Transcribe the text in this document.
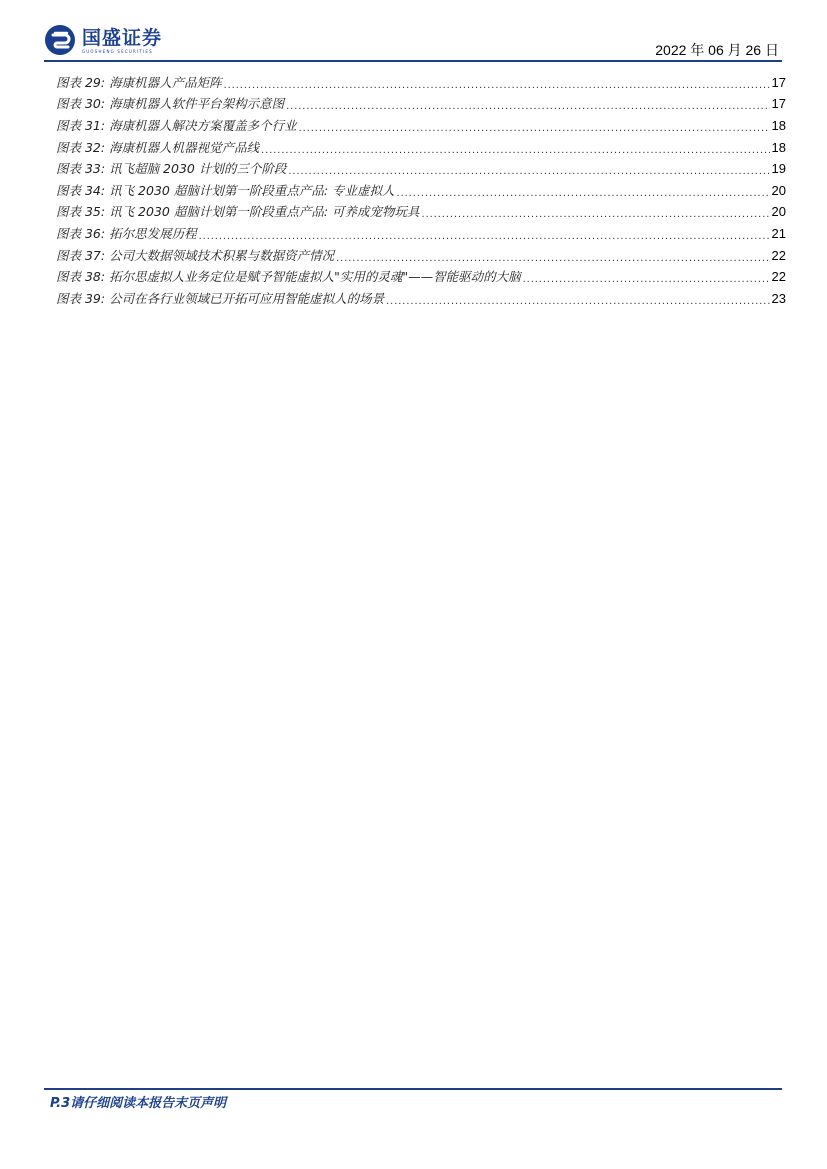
国盛证券
GUOSHENG SECURITIES	2022 年 06 月 26 日
图表 29: 海康机器人产品矩阵 .....	17
图表 30: 海康机器人软件平台架构示意图 .....	17
图表 31: 海康机器人解决方案覆盖多个行业 .....	18
图表 32: 海康机器人机器视觉产品线 .....	18
图表 33: 讯飞超脑 2030 计划的三个阶段 .....	19
图表 34: 讯飞 2030 超脑计划第一阶段重点产品: 专业虚拟人 .....	20
图表 35: 讯飞 2030 超脑计划第一阶段重点产品: 可养成宠物玩具 .....	20
图表 36: 拓尔思发展历程 .....	21
图表 37: 公司大数据领域技术积累与数据资产情况 .....	22
图表 38: 拓尔思虚拟人业务定位是赋予智能虚拟人"实用的灵魂"——智能驱动的大脑 .....	22
图表 39: 公司在各行业领域已开拓可应用智能虚拟人的场景 .....	23
P.3请仔细阅读本报告末页声明
